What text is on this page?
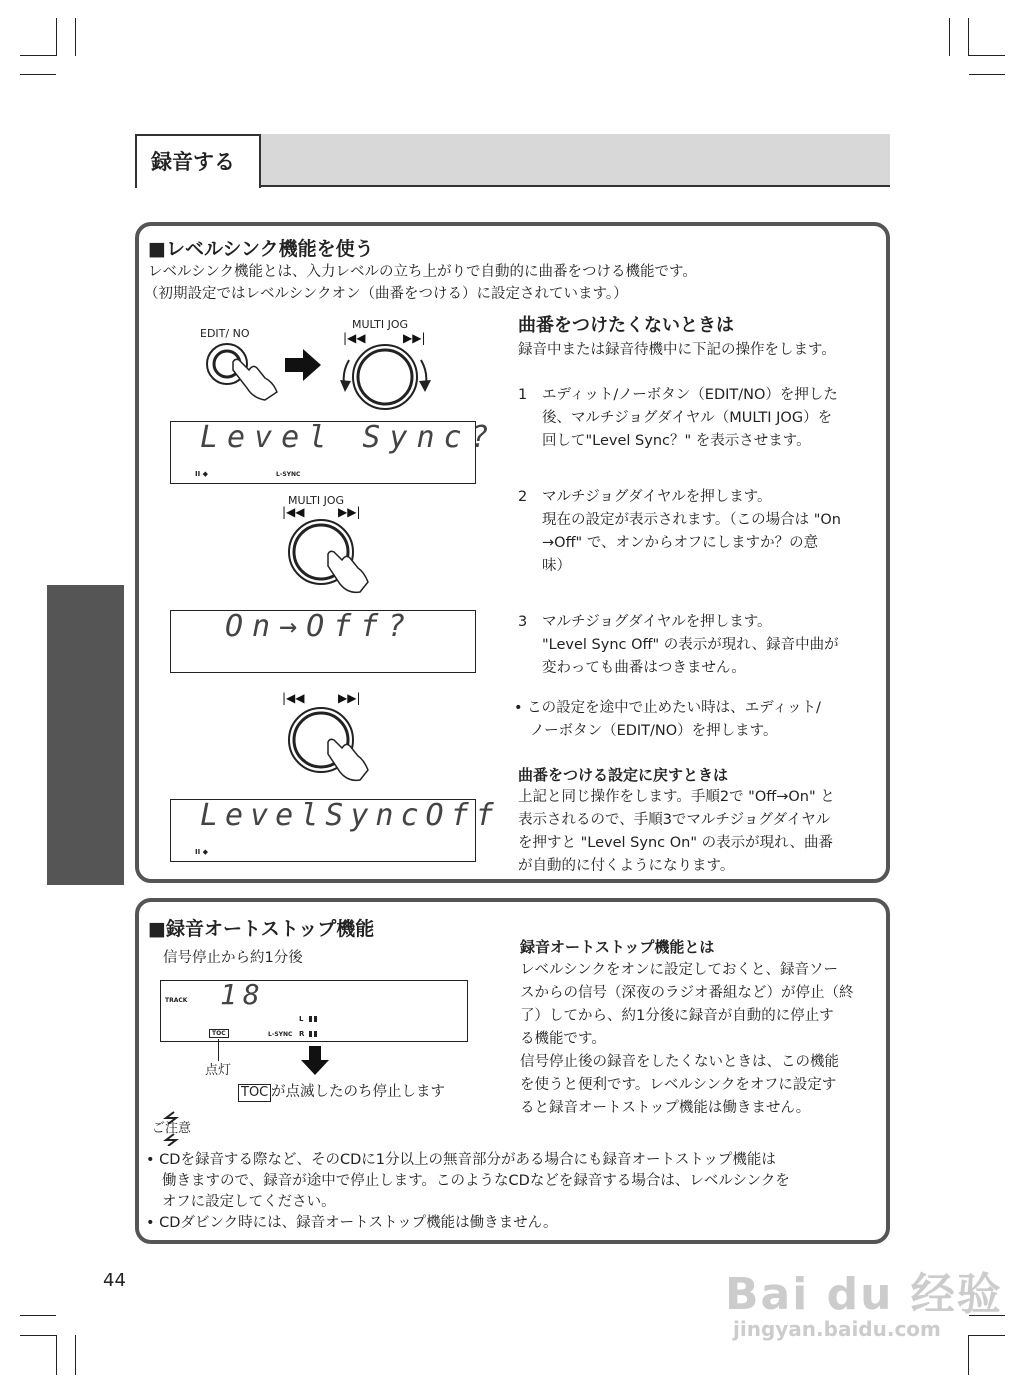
録音する
■レベルシンク機能を使う
レベルシンク機能とは、入力レベルの立ち上がりで自動的に曲番をつける機能です。
（初期設定ではレベルシンクオン（曲番をつける）に設定されています。）
EDIT/ NO
MULTI JOG
|◀◀	▶▶|
Level Sync?
II ◆	L-SYNC
MULTI JOG
|◀◀	▶▶|
On→Off?
|◀◀	▶▶|
LevelSyncOff
II ◆
曲番をつけたくないときは
録音中または録音待機中に下記の操作をします。
1 エディット/ノーボタン（EDIT/NO）を押した
後、マルチジョグダイヤル（MULTI JOG）を
回して"Level Sync？" を表示させます。
2 マルチジョグダイヤルを押します。
現在の設定が表示されます。（この場合は "On
→Off" で、オンからオフにしますか？の意
味）
3 マルチジョグダイヤルを押します。
"Level Sync Off" の表示が現れ、録音中曲が
変わっても曲番はつきません。
• この設定を途中で止めたい時は、エディット/
ノーボタン（EDIT/NO）を押します。
曲番をつける設定に戻すときは
上記と同じ操作をします。手順2で "Off→On" と
表示されるので、手順3でマルチジョグダイヤル
を押すと "Level Sync On" の表示が現れ、曲番
が自動的に付くようになります。
■録音オートストップ機能
信号停止から約1分後
TRACK 18
L
R
L-SYNC
TOC
点灯
TOC が点滅したのち停止します
録音オートストップ機能とは
レベルシンクをオンに設定しておくと、録音ソー
スからの信号（深夜のラジオ番組など）が停止（終
了）してから、約1分後に録音が自動的に停止す
る機能です。
信号停止後の録音をしたくないときは、この機能
を使うと便利です。レベルシンクをオフに設定す
ると録音オートストップ機能は働きません。
ご注意
• CDを録音する際など、そのCDに1分以上の無音部分がある場合にも録音オートストップ機能は
働きますので、録音が途中で停止します。このようなCDなどを録音する場合は、レベルシンクを
オフに設定してください。
• CDダビンク時には、録音オートストップ機能は働きません。
44	Bai du 经验
jingyan.baidu.com
